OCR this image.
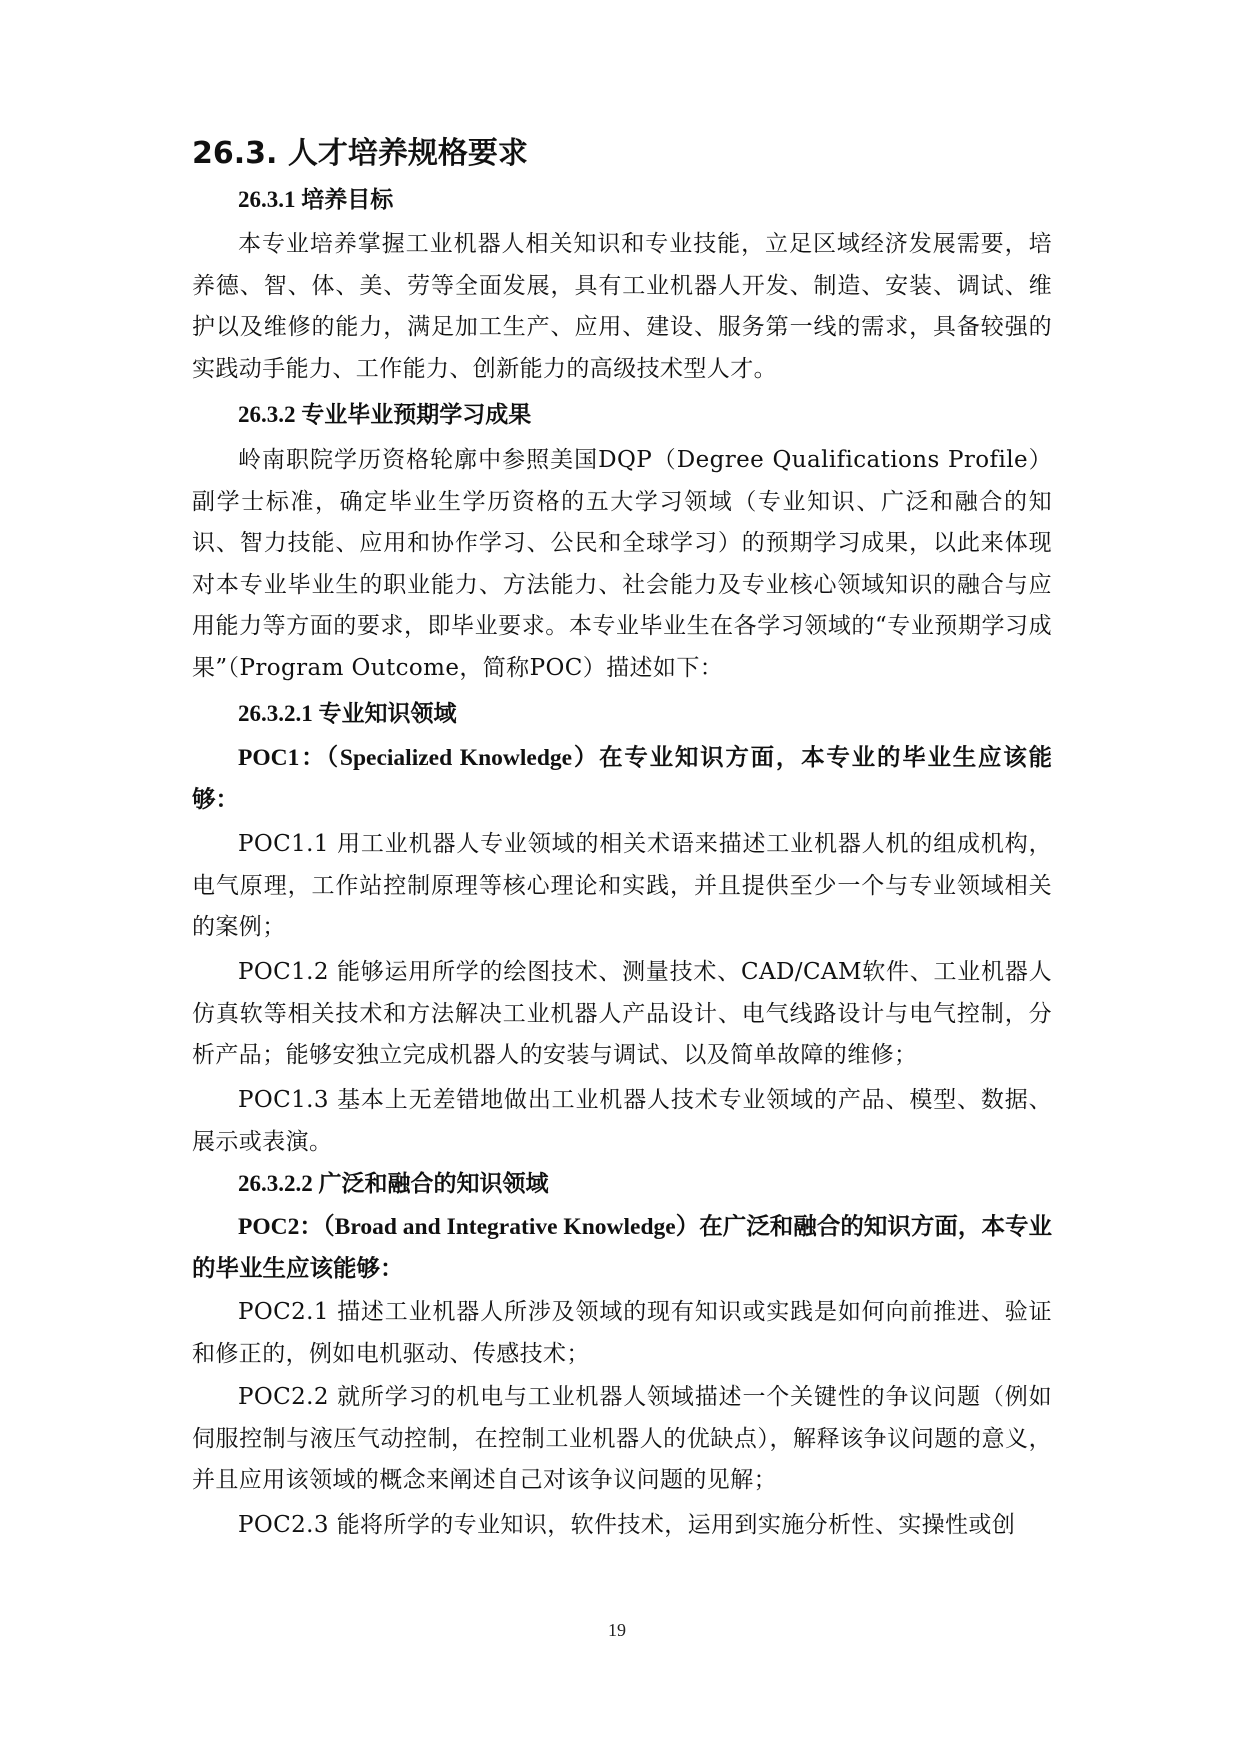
26.3. 人才培养规格要求
26.3.1 培养目标

本专业培养掌握工业机器人相关知识和专业技能，立足区域经济发展需要，培养德、智、体、美、劳等全面发展，具有工业机器人开发、制造、安装、调试、维护以及维修的能力，满足加工生产、应用、建设、服务第一线的需求，具备较强的实践动手能力、工作能力、创新能力的高级技术型人才。

26.3.2 专业毕业预期学习成果

岭南职院学历资格轮廓中参照美国DQP（Degree Qualifications Profile）副学士标准，确定毕业生学历资格的五大学习领域（专业知识、广泛和融合的知识、智力技能、应用和协作学习、公民和全球学习）的预期学习成果，以此来体现对本专业毕业生的职业能力、方法能力、社会能力及专业核心领域知识的融合与应用能力等方面的要求，即毕业要求。本专业毕业生在各学习领域的“专业预期学习成果”（Program Outcome，简称POC）描述如下：

26.3.2.1 专业知识领域

POC1：（Specialized Knowledge）在专业知识方面，本专业的毕业生应该能够：

POC1.1 用工业机器人专业领域的相关术语来描述工业机器人机的组成机构，电气原理，工作站控制原理等核心理论和实践，并且提供至少一个与专业领域相关的案例；

POC1.2 能够运用所学的绘图技术、测量技术、CAD/CAM软件、工业机器人仿真软等相关技术和方法解决工业机器人产品设计、电气线路设计与电气控制，分析产品；能够安独立完成机器人的安装与调试、以及简单故障的维修；

POC1.3 基本上无差错地做出工业机器人技术专业领域的产品、模型、数据、展示或表演。

26.3.2.2 广泛和融合的知识领域

POC2：（Broad and Integrative Knowledge）在广泛和融合的知识方面，本专业的毕业生应该能够：

POC2.1 描述工业机器人所涉及领域的现有知识或实践是如何向前推进、验证和修正的，例如电机驱动、传感技术；

POC2.2 就所学习的机电与工业机器人领域描述一个关键性的争议问题（例如伺服控制与液压气动控制，在控制工业机器人的优缺点），解释该争议问题的意义，并且应用该领域的概念来阐述自己对该争议问题的见解；

POC2.3 能将所学的专业知识，软件技术，运用到实施分析性、实操性或创

19
